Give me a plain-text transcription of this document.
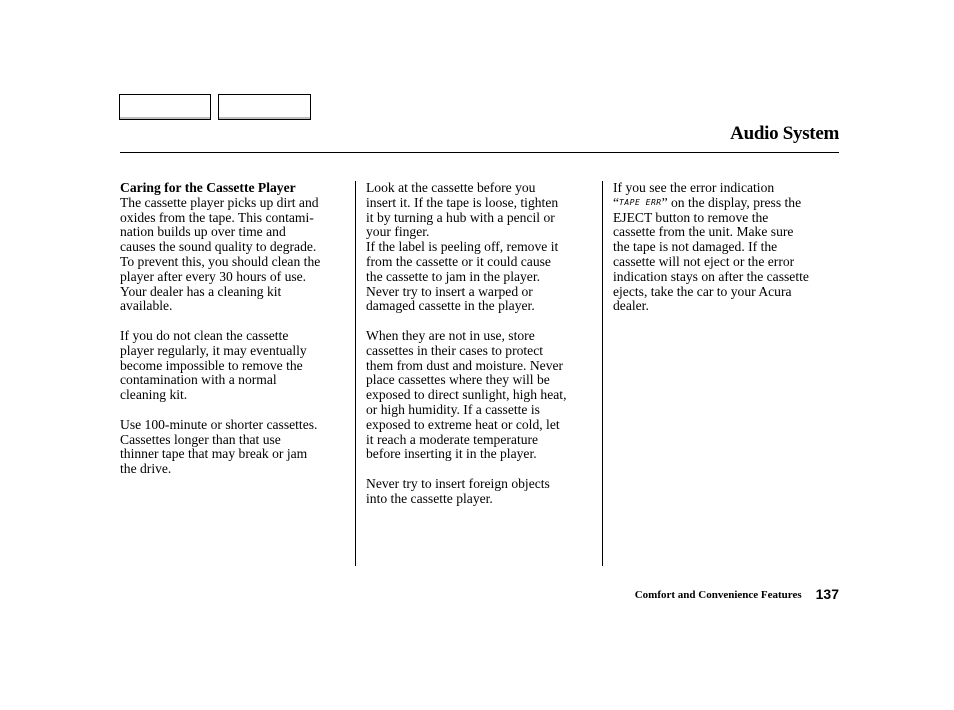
Audio System
Caring for the Cassette Player

The cassette player picks up dirt and
oxides from the tape. This contami-
nation builds up over time and
causes the sound quality to degrade.
To prevent this, you should clean the
player after every 30 hours of use.
Your dealer has a cleaning kit
available.

If you do not clean the cassette
player regularly, it may eventually
become impossible to remove the
contamination with a normal
cleaning kit.

Use 100-minute or shorter cassettes.
Cassettes longer than that use
thinner tape that may break or jam
the drive.

Look at the cassette before you
insert it. If the tape is loose, tighten
it by turning a hub with a pencil or
your finger.

If the label is peeling off, remove it
from the cassette or it could cause
the cassette to jam in the player.
Never try to insert a warped or
damaged cassette in the player.

When they are not in use, store
cassettes in their cases to protect
them from dust and moisture. Never
place cassettes where they will be
exposed to direct sunlight, high heat,
or high humidity. If a cassette is
exposed to extreme heat or cold, let
it reach a moderate temperature
before inserting it in the player.

Never try to insert foreign objects
into the cassette player.

If you see the error indication
“TAPE ERR” on the display, press the
EJECT button to remove the
cassette from the unit. Make sure
the tape is not damaged. If the
cassette will not eject or the error
indication stays on after the cassette
ejects, take the car to your Acura
dealer.

Comfort and Convenience Features 137
